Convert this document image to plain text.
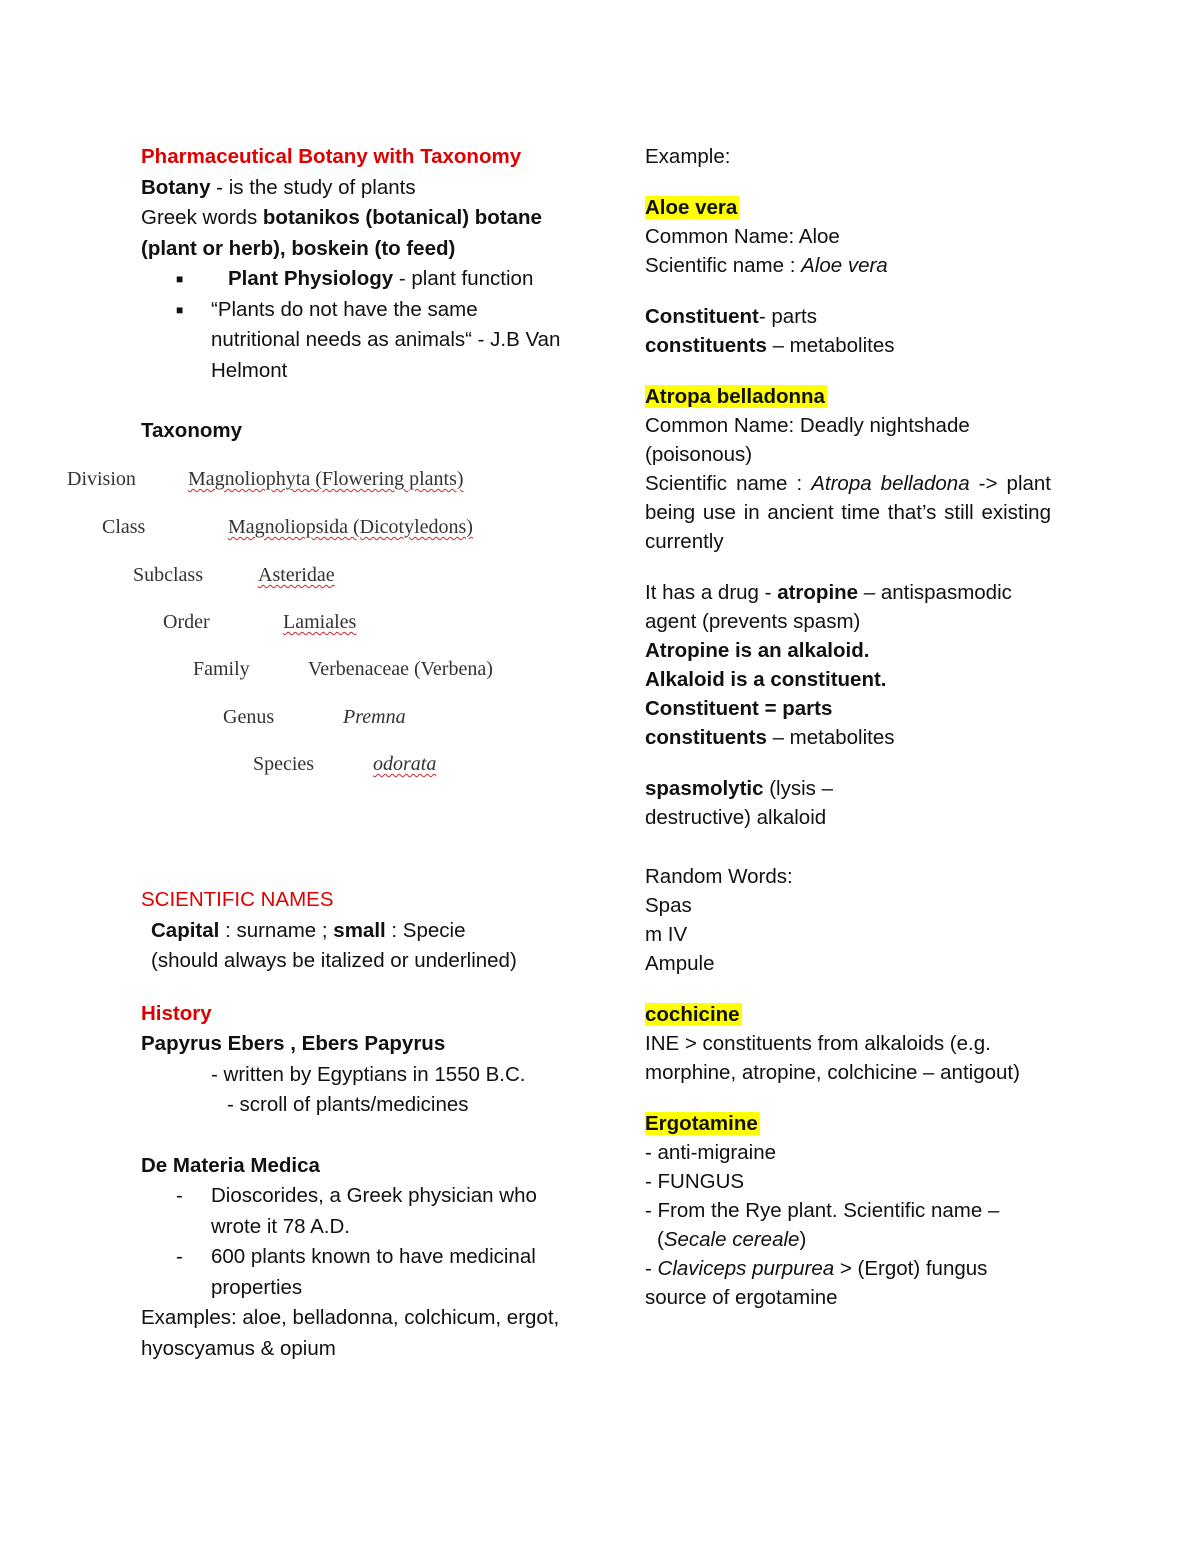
Pharmaceutical Botany with Taxonomy
Botany - is the study of plants
Greek words botanikos (botanical) botane
(plant or herb), boskein (to feed)
■ Plant Physiology - plant function
■ “Plants do not have the same nutritional needs as animals“ - J.B Van Helmont
Taxonomy
Division	Magnoliophyta (Flowering plants)
Class	Magnoliopsida (Dicotyledons)
Subclass	Asteridae
Order	Lamiales
Family	Verbenaceae (Verbena)
Genus	Premna
Species	odorata
SCIENTIFIC NAMES
Capital : surname ; small : Specie
(should always be italized or underlined)
History
Papyrus Ebers , Ebers Papyrus
- written by Egyptians in 1550 B.C.
- scroll of plants/medicines
De Materia Medica
- Dioscorides, a Greek physician who wrote it 78 A.D.
- 600 plants known to have medicinal properties
Examples: aloe, belladonna, colchicum, ergot, hyoscyamus & opium
Example:
Aloe vera
Common Name: Aloe
Scientific name : Aloe vera
Constituent- parts
constituents – metabolites
Atropa belladonna
Common Name: Deadly nightshade (poisonous)
Scientific name : Atropa belladona -> plant being use in ancient time that’s still existing currently
It has a drug - atropine – antispasmodic agent (prevents spasm)
Atropine is an alkaloid.
Alkaloid is a constituent.
Constituent = parts
constituents – metabolites
spasmolytic (lysis –
destructive) alkaloid
Random Words:
Spas
m IV
Ampule
cochicine
INE > constituents from alkaloids (e.g. morphine, atropine, colchicine – antigout)
Ergotamine
- anti-migraine
- FUNGUS
- From the Rye plant. Scientific name –
(Secale cereale)
- Claviceps purpurea > (Ergot) fungus
source of ergotamine
